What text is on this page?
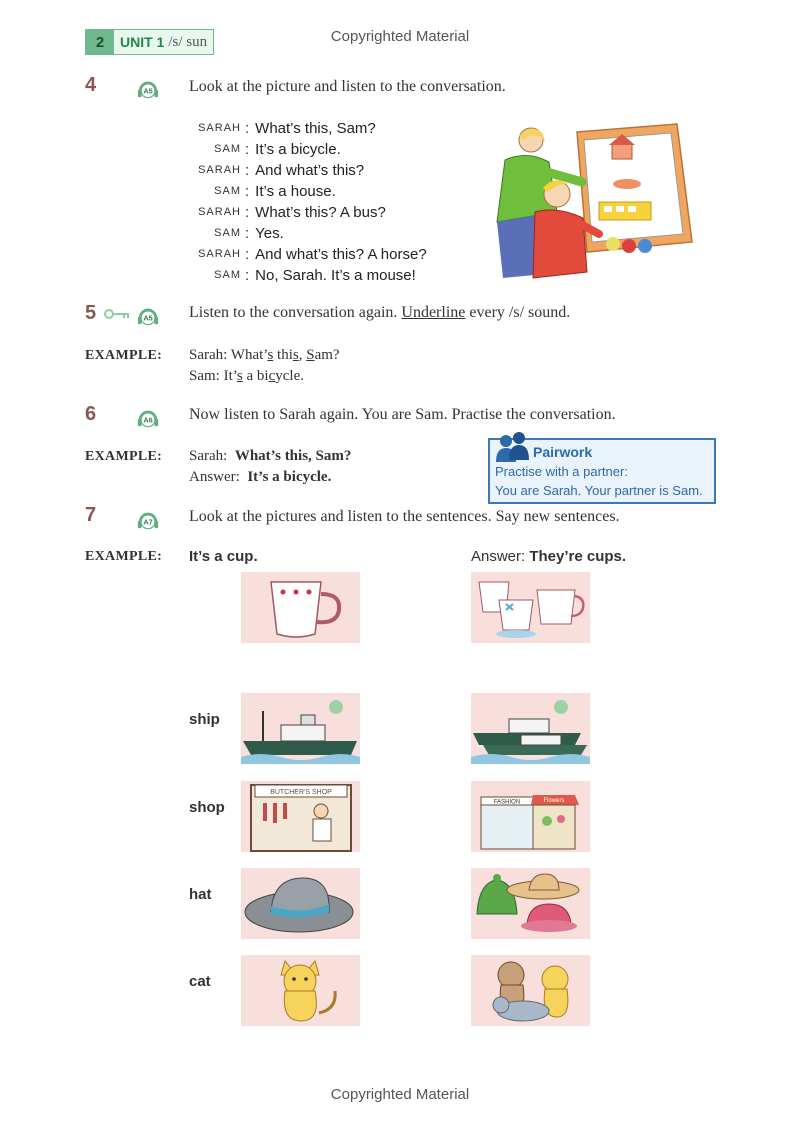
2	UNIT 1 /s/ sun	Copyrighted Material
4	A5 Look at the picture and listen to the conversation.
SARAH : What’s this, Sam?
SAM : It’s a bicycle.
SARAH : And what’s this?
SAM : It’s a house.
SARAH : What’s this? A bus?
SAM : Yes.
SARAH : And what’s this? A horse?
SAM : No, Sarah. It’s a mouse!
5	A5 Listen to the conversation again. Underline every /s/ sound.
EXAMPLE: Sarah: What’s this, Sam?
Sam: It’s a bicycle.
6	A6 Now listen to Sarah again. You are Sam. Practise the conversation.
EXAMPLE: Sarah: What’s this, Sam?
Answer: It’s a bicycle.
Pairwork
Practise with a partner:
You are Sarah. Your partner is Sam.
7	A7 Look at the pictures and listen to the sentences. Say new sentences.
EXAMPLE: It’s a cup.	Answer: They’re cups.
ship
shop
BUTCHER'S SHOP
FASHION	Flowers
hat
cat
Copyrighted Material
